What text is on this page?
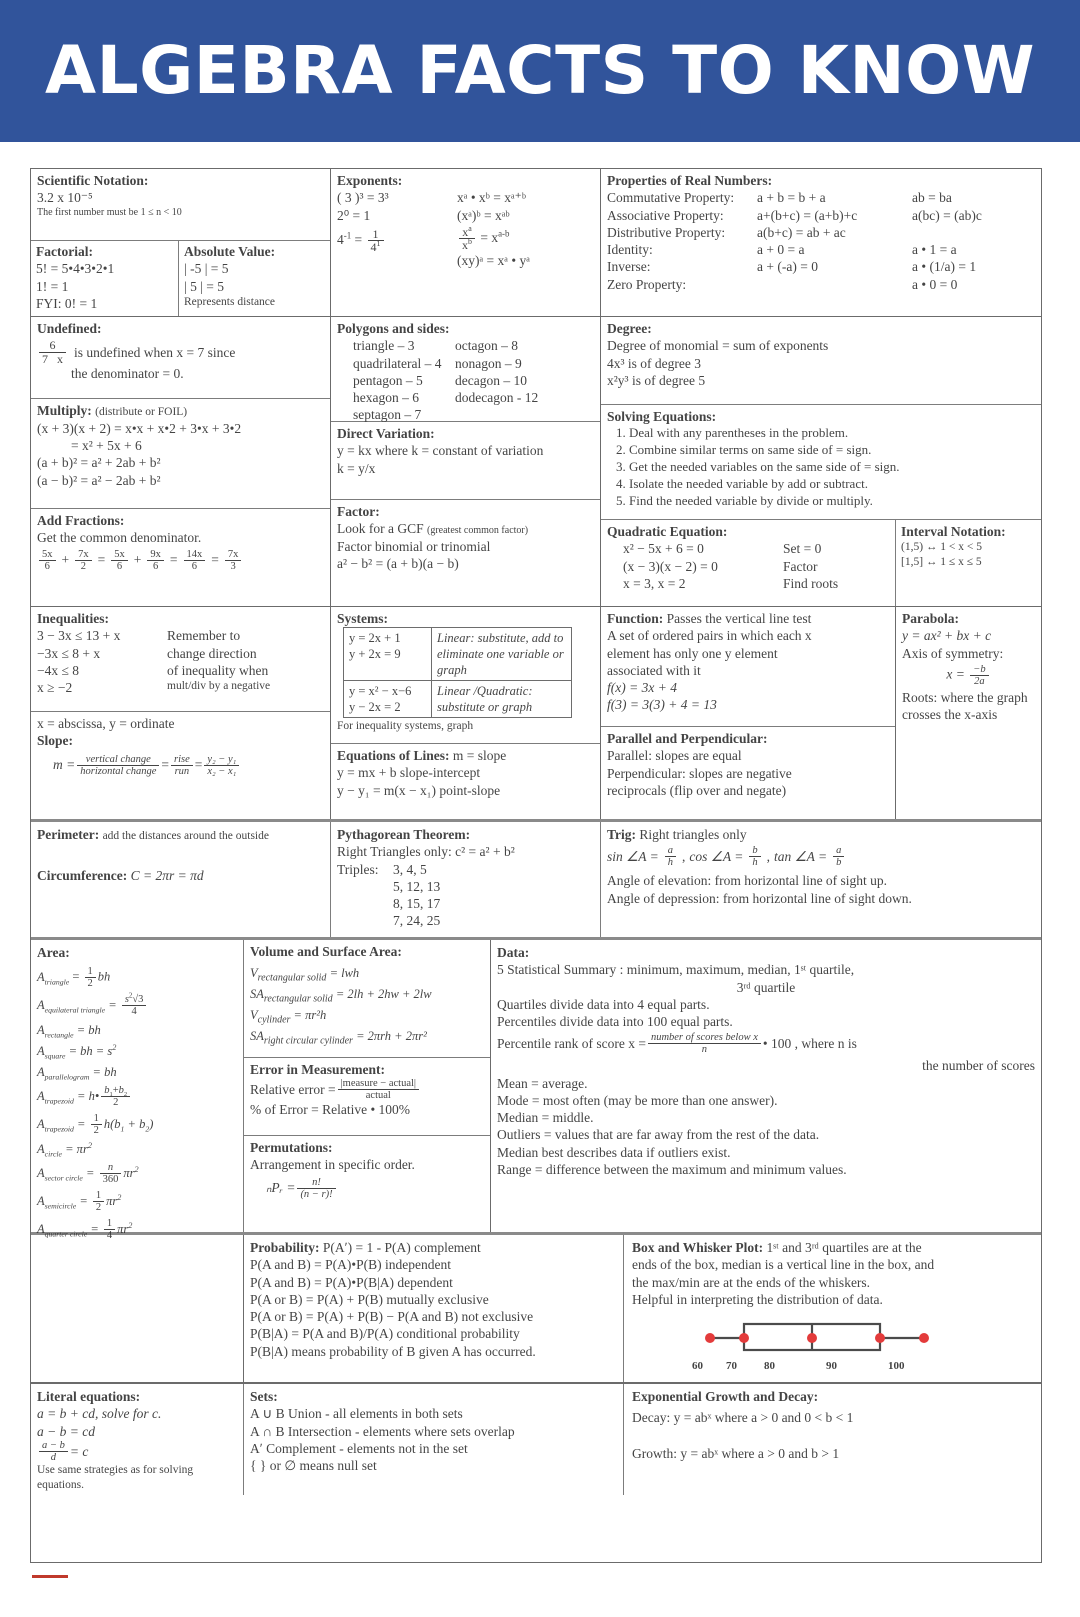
ALGEBRA FACTS TO KNOW
Scientific Notation:
3.2 x 10⁻⁵
The first number must be 1 ≤ n < 10
Factorial:
5! = 5•4•3•2•1
1! = 1
FYI: 0! = 1
Absolute Value:
| -5 | = 5
| 5 | = 5
Represents distance
Exponents:
( 3 )³ = 3³
2⁰ = 1
$4^{-1} = \frac{1}{4^1}$
xᵃ • xᵇ = xᵃ⁺ᵇ
(xᵃ)ᵇ = xᵃᵇ
$\frac{x^a}{x^b} = x^{a-b}$
(xy)ᵃ = xᵃ • yᵃ
Properties of Real Numbers:
Commutative Property:	a + b = b + a	ab = ba
Associative Property:	a+(b+c) = (a+b)+c	a(bc) = (ab)c
Distributive Property:	a(b+c) = ab + ac
Identity:	a + 0 = a	a • 1 = a
Inverse:	a + (-a) = 0	a • (1/a) = 1
Zero Property:	a • 0 = 0
Undefined:
$\frac{6}{7 x}$ is undefined when x = 7 since
the denominator = 0.
Multiply: (distribute or FOIL)
(x + 3)(x + 2) = x•x + x•2 + 3•x + 3•2
= x² + 5x + 6
(a + b)² = a² + 2ab + b²
(a − b)² = a² − 2ab + b²
Add Fractions:
Get the common denominator.
$\frac{5x}{6} + \frac{7x}{2} = \frac{5x}{6} + \frac{9x}{6} = \frac{14x}{6} = \frac{7x}{3}$
Polygons and sides:
triangle – 3
quadrilateral – 4
pentagon – 5
hexagon – 6
septagon – 7
octagon – 8
nonagon – 9
decagon – 10
dodecagon - 12
Direct Variation:
y = kx where k = constant of variation
k = y/x
Factor:
Look for a GCF (greatest common factor)
Factor binomial or trinomial
a² − b² = (a + b)(a − b)
Degree:
Degree of monomial = sum of exponents
4x³ is of degree 3
x²y³ is of degree 5
Solving Equations:
1. Deal with any parentheses in the problem.
2. Combine similar terms on same side of = sign.
3. Get the needed variables on the same side of = sign.
4. Isolate the needed variable by add or subtract.
5. Find the needed variable by divide or multiply.
Quadratic Equation:
x² − 5x + 6 = 0	Set = 0
(x − 3)(x − 2) = 0	Factor
x = 3, x = 2	Find roots
Interval Notation:
(1,5) ↔ 1 < x < 5
[1,5] ↔ 1 ≤ x ≤ 5
Inequalities:
3 − 3x ≤ 13 + x	Remember to
−3x ≤ 8 + x	change direction
−4x ≤ 8	of inequality when
x ≥ −2	mult/div by a negative
x = abscissa, y = ordinate
Slope:
m =	vertical change
horizontal change = rise
run = $\frac{\text{y₂ − y₁}}{\text{x₂ − x₁}}$
Systems:
y = 2x + 1
y + 2x = 9	Linear: substitute, add to eliminate one variable or graph

y = x² − x−6
y − 2x = 2	Linear /Quadratic: substitute or graph
For inequality systems, graph
Equations of Lines: m = slope
y = mx + b slope-intercept
y − y₁ = m(x − x₁) point-slope
Function: Passes the vertical line test
A set of ordered pairs in which each x
element has only one y element
associated with it
f(x) = 3x + 4
f(3) = 3(3) + 4 = 13
Parallel and Perpendicular:
Parallel: slopes are equal
Perpendicular: slopes are negative
reciprocals (flip over and negate)
Parabola:
y = ax² + bx + c
Axis of symmetry:
$x = \frac{-b}{2a}$
Roots: where the graph crosses the x-axis
Perimeter: add the distances around the outside
Circumference: C = 2πr = πd
Pythagorean Theorem:
Right Triangles only: c² = a² + b²
Triples:	3, 4, 5
5, 12, 13
8, 15, 17
7, 24, 25
Trig: Right triangles only
sin ∠A = $\frac{a}{h}$ , cos ∠A = $\frac{b}{h}$ , tan ∠A = $\frac{a}{b}$
Angle of elevation: from horizontal line of sight up.
Angle of depression: from horizontal line of sight down.
Area:
$A_{triangle} = \frac{1}{2}$ bh
$A_{equilateral triangle} = \frac{s^2√3}{4}$
$A_{rectangle}$ = bh
$A_{square}$ = bh = $s^2$
$A_{parallelogram}$ = bh
$A_{trapezoid}$ = h• $\frac{b_1+b_2}{2}$
$A_{trapezoid} = \frac{1}{2} h(b_1 + b_2)$
$A_{circle} = \pi r^2$
$A_{sector circle} = \frac{n}{360} \pi r^2$
$A_{semicircle} = \frac{1}{2} \pi r^2$
$A_{quarter circle} = \frac{1}{4} \pi r^2$
Volume and Surface Area:
$V_{rectangular solid}$ = lwh
$SA_{rectangular solid} = 2lh + 2hw + 2lw$
$V_{cylinder} = \pi r^2h$
$SA_{right circular cylinder} = 2\pi rh + 2\pi r^2$
Error in Measurement:
Relative error = |measure − actual|
actual
% of Error = Relative • 100%
Permutations:
Arrangement in specific order.
ₙPᵣ = $\frac{n!}{(n - r)!}$
Data:
5 Statistical Summary : minimum, maximum, median, 1ˢᵗ quartile,
3ʳᵈ quartile
Quartiles divide data into 4 equal parts.
Percentiles divide data into 100 equal parts.
Percentile rank of score x = number of scores below x
n	• 100 , where n is
the number of scores
Mean = average.
Mode = most often (may be more than one answer).
Median = middle.
Outliers = values that are far away from the rest of the data.
Median best describes data if outliers exist.
Range = difference between the maximum and minimum values.
Probability: P(Aʹ) = 1 - P(A) complement
P(A and B) = P(A)•P(B) independent
P(A and B) = P(A)•P(B|A) dependent
P(A or B) = P(A) + P(B) mutually exclusive
P(A or B) = P(A) + P(B) − P(A and B) not exclusive
P(B|A) = P(A and B)/P(A) conditional probability
P(B|A) means probability of B given A has occurred.
Box and Whisker Plot: 1ˢᵗ and 3ʳᵈ quartiles are at the
ends of the box, median is a vertical line in the box, and
the max/min are at the ends of the whiskers.
Helpful in interpreting the distribution of data.
60	70	80	90	100
Literal equations:
a = b + cd, solve for c.
a − b = cd
$\frac{a - b}{d} = c$
Use same strategies as for solving equations.
Sets:
A ∪ B Union - all elements in both sets
A ∩ B Intersection - elements where sets overlap
Aʹ Complement - elements not in the set
{ } or ∅ means null set
Exponential Growth and Decay:
Decay: y = abˣ where a > 0 and 0 < b < 1
Growth: y = abˣ where a > 0 and b > 1
